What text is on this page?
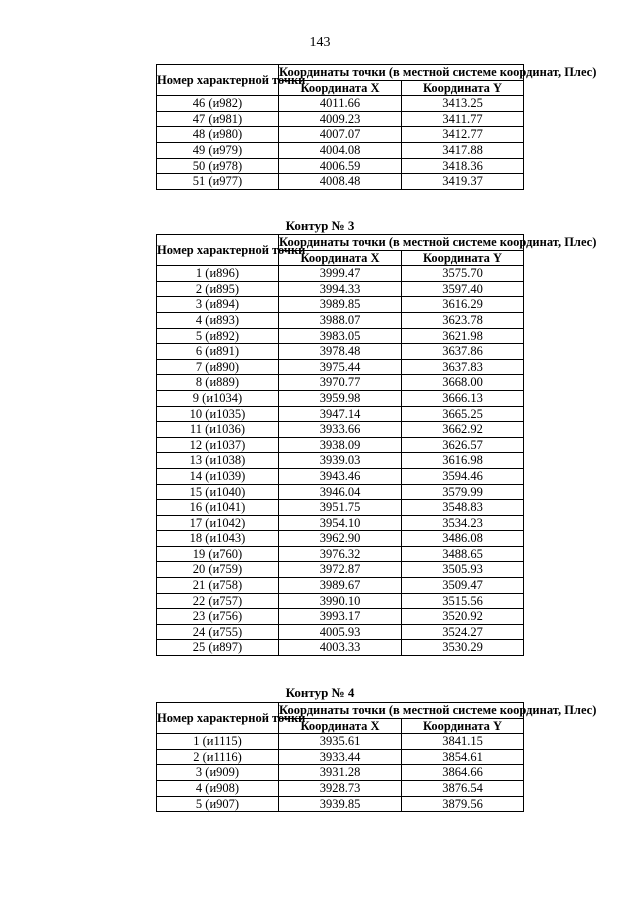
143
Номер характерной точки	Координаты точки (в местной системе координат, Плес)	
	Координата X	Координата Y
46 (и982)	4011.66	3413.25
47 (и981)	4009.23	3411.77
48 (и980)	4007.07	3412.77
49 (и979)	4004.08	3417.88
50 (и978)	4006.59	3418.36
51 (и977)	4008.48	3419.37
Контур № 3
Номер характерной точки	Координаты точки (в местной системе координат, Плес)	
	Координата X	Координата Y
1 (и896)	3999.47	3575.70
2 (и895)	3994.33	3597.40
3 (и894)	3989.85	3616.29
4 (и893)	3988.07	3623.78
5 (и892)	3983.05	3621.98
6 (и891)	3978.48	3637.86
7 (и890)	3975.44	3637.83
8 (и889)	3970.77	3668.00
9 (и1034)	3959.98	3666.13
10 (и1035)	3947.14	3665.25
11 (и1036)	3933.66	3662.92
12 (и1037)	3938.09	3626.57
13 (и1038)	3939.03	3616.98
14 (и1039)	3943.46	3594.46
15 (и1040)	3946.04	3579.99
16 (и1041)	3951.75	3548.83
17 (и1042)	3954.10	3534.23
18 (и1043)	3962.90	3486.08
19 (и760)	3976.32	3488.65
20 (и759)	3972.87	3505.93
21 (и758)	3989.67	3509.47
22 (и757)	3990.10	3515.56
23 (и756)	3993.17	3520.92
24 (и755)	4005.93	3524.27
25 (и897)	4003.33	3530.29
Контур № 4
Номер характерной точки	Координаты точки (в местной системе координат, Плес)	
	Координата X	Координата Y
1 (и1115)	3935.61	3841.15
2 (и1116)	3933.44	3854.61
3 (и909)	3931.28	3864.66
4 (и908)	3928.73	3876.54
5 (и907)	3939.85	3879.56
